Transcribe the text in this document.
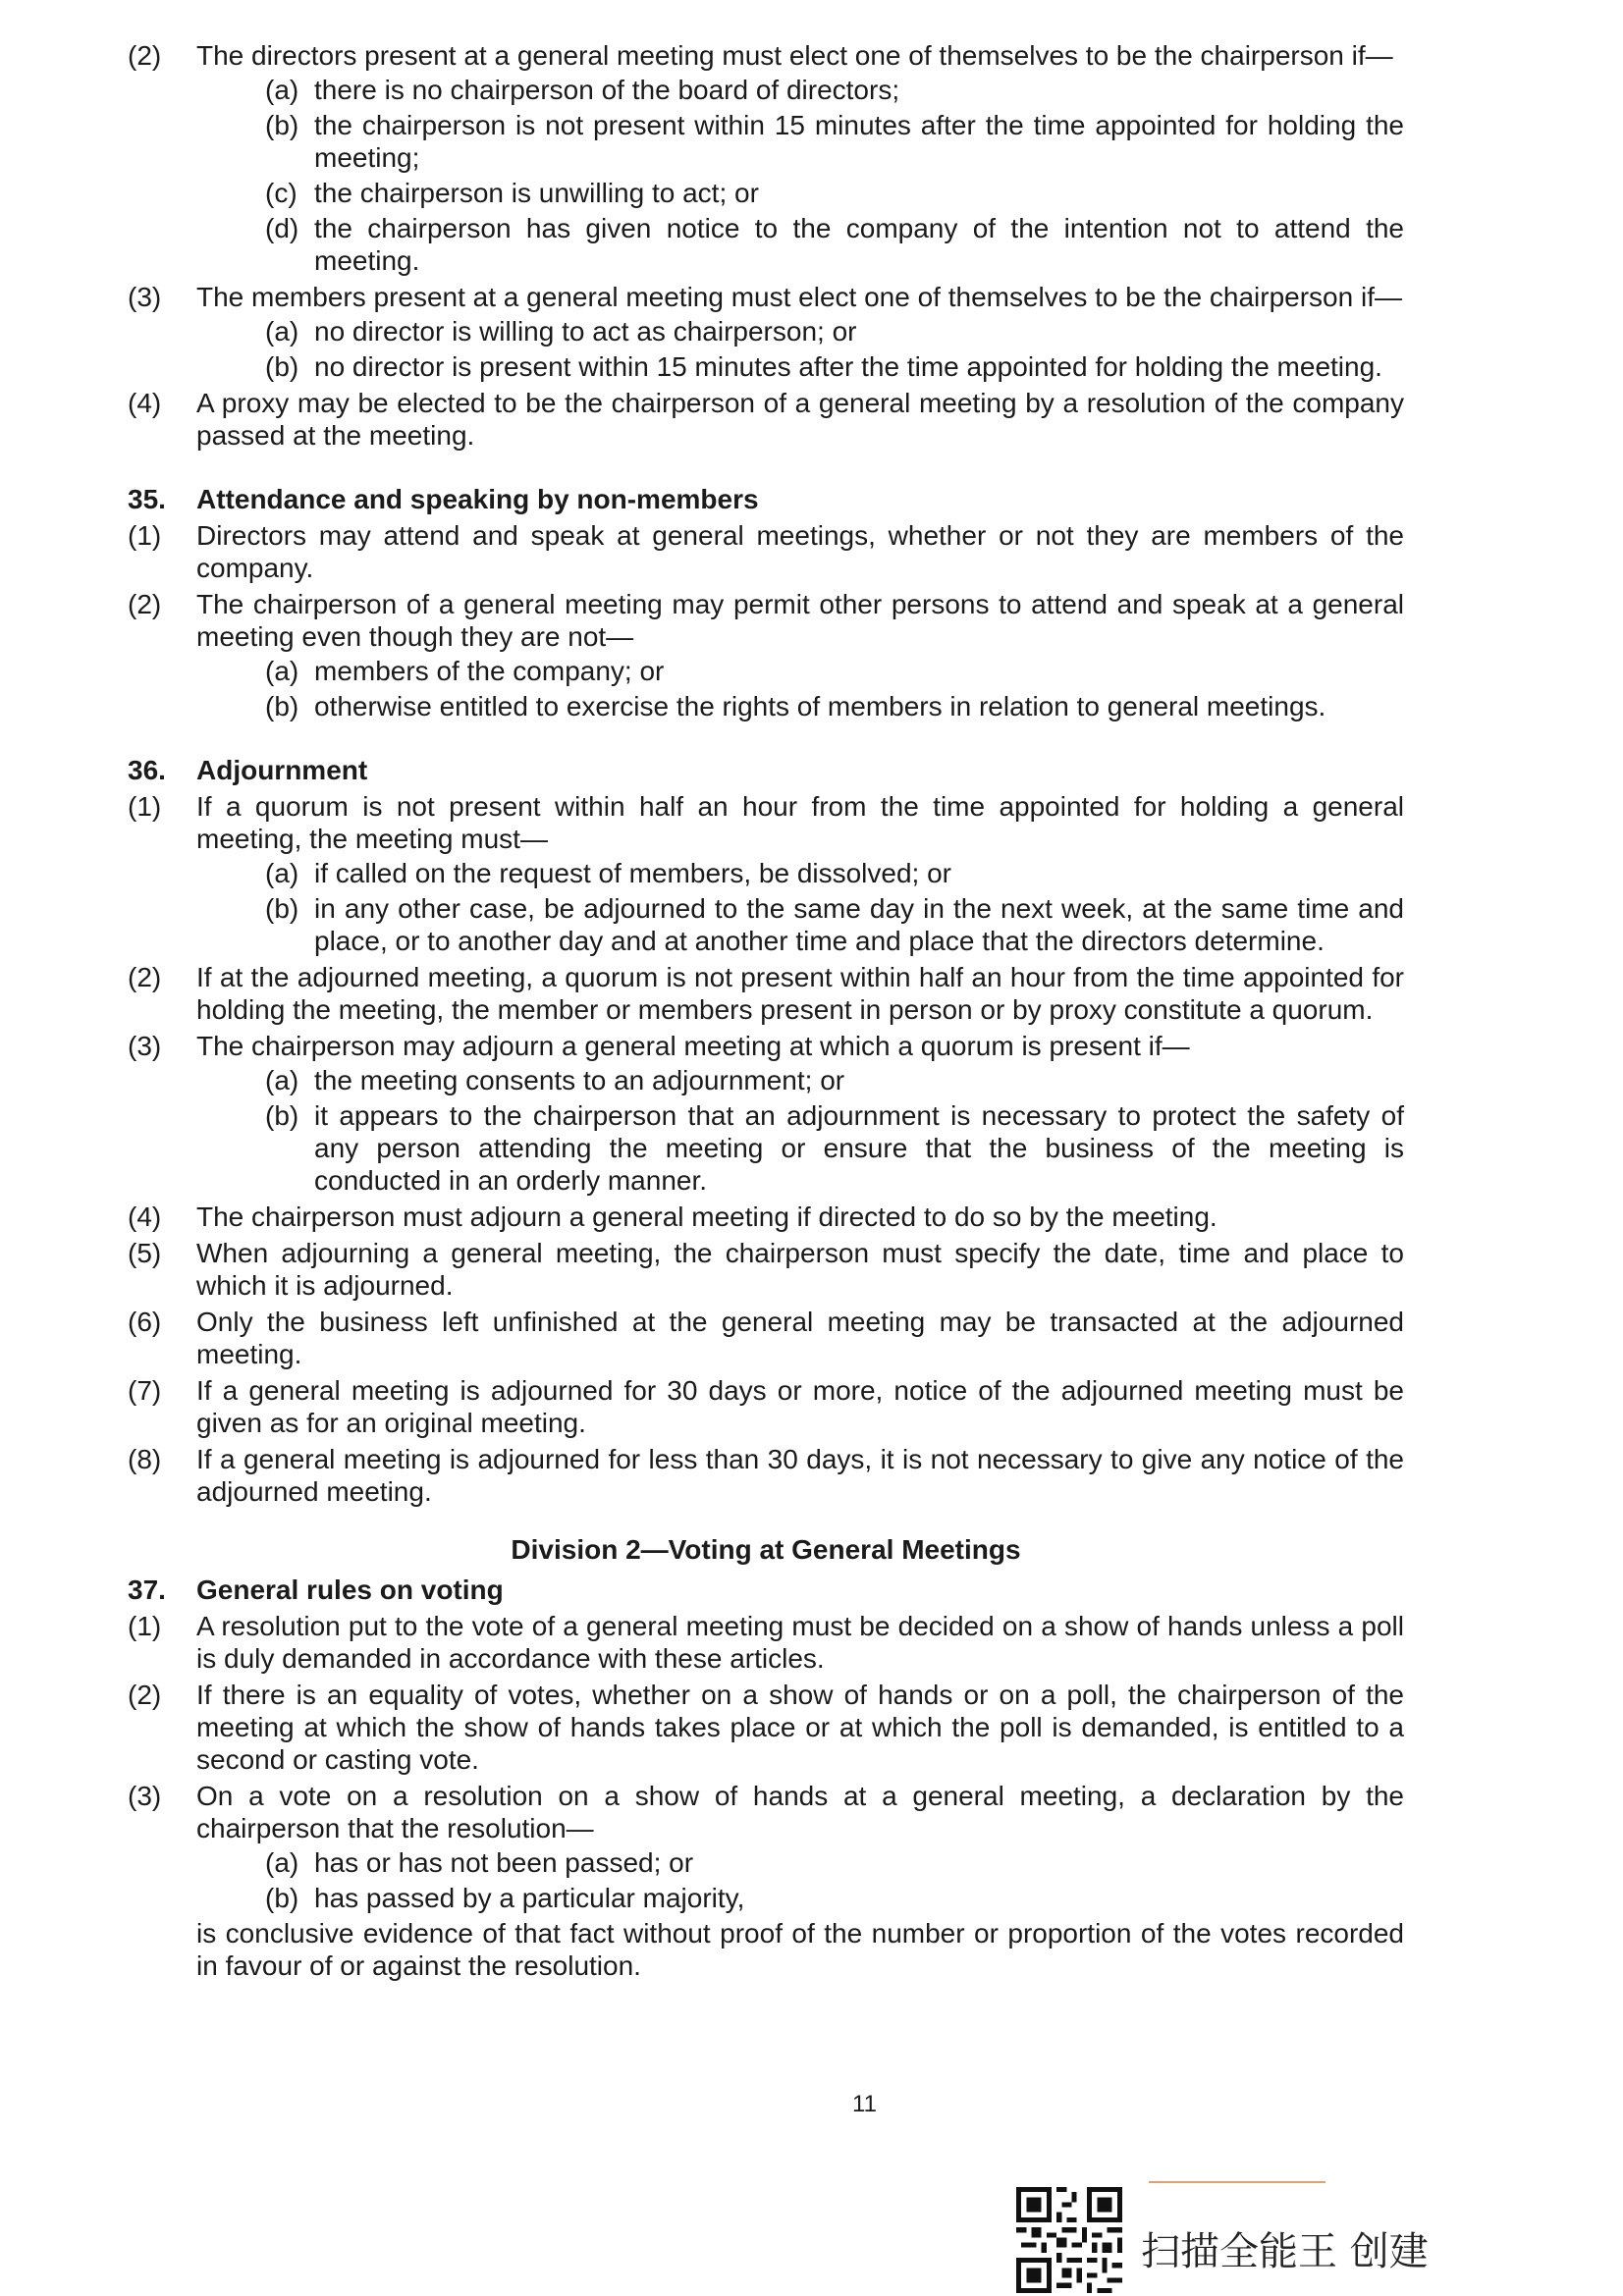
(2) The directors present at a general meeting must elect one of themselves to be the chairperson if—
(a) there is no chairperson of the board of directors;
(b) the chairperson is not present within 15 minutes after the time appointed for holding the meeting;
(c) the chairperson is unwilling to act; or
(d) the chairperson has given notice to the company of the intention not to attend the meeting.
(3) The members present at a general meeting must elect one of themselves to be the chairperson if—
(a) no director is willing to act as chairperson; or
(b) no director is present within 15 minutes after the time appointed for holding the meeting.
(4) A proxy may be elected to be the chairperson of a general meeting by a resolution of the company passed at the meeting.
35. Attendance and speaking by non-members
(1) Directors may attend and speak at general meetings, whether or not they are members of the company.
(2) The chairperson of a general meeting may permit other persons to attend and speak at a general meeting even though they are not—
(a) members of the company; or
(b) otherwise entitled to exercise the rights of members in relation to general meetings.
36. Adjournment
(1) If a quorum is not present within half an hour from the time appointed for holding a general meeting, the meeting must—
(a) if called on the request of members, be dissolved; or
(b) in any other case, be adjourned to the same day in the next week, at the same time and place, or to another day and at another time and place that the directors determine.
(2) If at the adjourned meeting, a quorum is not present within half an hour from the time appointed for holding the meeting, the member or members present in person or by proxy constitute a quorum.
(3) The chairperson may adjourn a general meeting at which a quorum is present if—
(a) the meeting consents to an adjournment; or
(b) it appears to the chairperson that an adjournment is necessary to protect the safety of any person attending the meeting or ensure that the business of the meeting is conducted in an orderly manner.
(4) The chairperson must adjourn a general meeting if directed to do so by the meeting.
(5) When adjourning a general meeting, the chairperson must specify the date, time and place to which it is adjourned.
(6) Only the business left unfinished at the general meeting may be transacted at the adjourned meeting.
(7) If a general meeting is adjourned for 30 days or more, notice of the adjourned meeting must be given as for an original meeting.
(8) If a general meeting is adjourned for less than 30 days, it is not necessary to give any notice of the adjourned meeting.
Division 2—Voting at General Meetings
37. General rules on voting
(1) A resolution put to the vote of a general meeting must be decided on a show of hands unless a poll is duly demanded in accordance with these articles.
(2) If there is an equality of votes, whether on a show of hands or on a poll, the chairperson of the meeting at which the show of hands takes place or at which the poll is demanded, is entitled to a second or casting vote.
(3) On a vote on a resolution on a show of hands at a general meeting, a declaration by the chairperson that the resolution—
(a) has or has not been passed; or
(b) has passed by a particular majority,
is conclusive evidence of that fact without proof of the number or proportion of the votes recorded in favour of or against the resolution.
11
扫描全能王 创建
